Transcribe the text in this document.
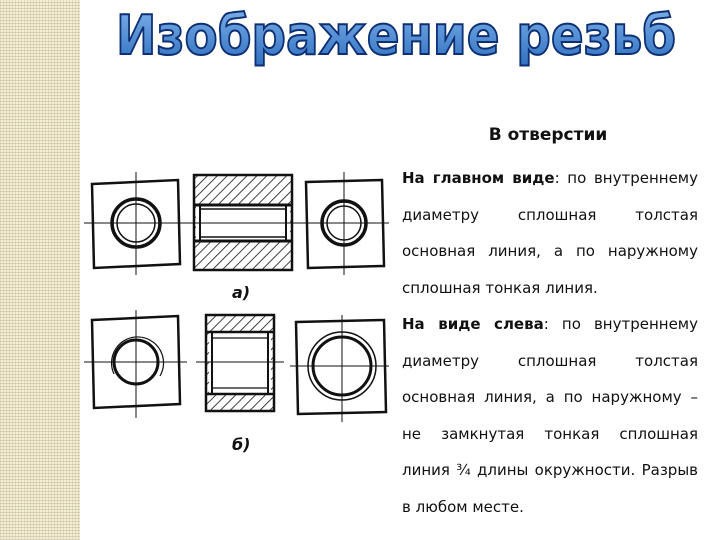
Изображение резьб
а)
б)
В отверстии

На главном виде: по внутреннему диаметру сплошная толстая основная линия, а по наружному сплошная тонкая линия.

На виде слева: по внутреннему диаметру сплошная толстая основная линия, а по наружному – не замкнутая тонкая сплошная линия ¾ длины окружности. Разрыв в любом месте.
